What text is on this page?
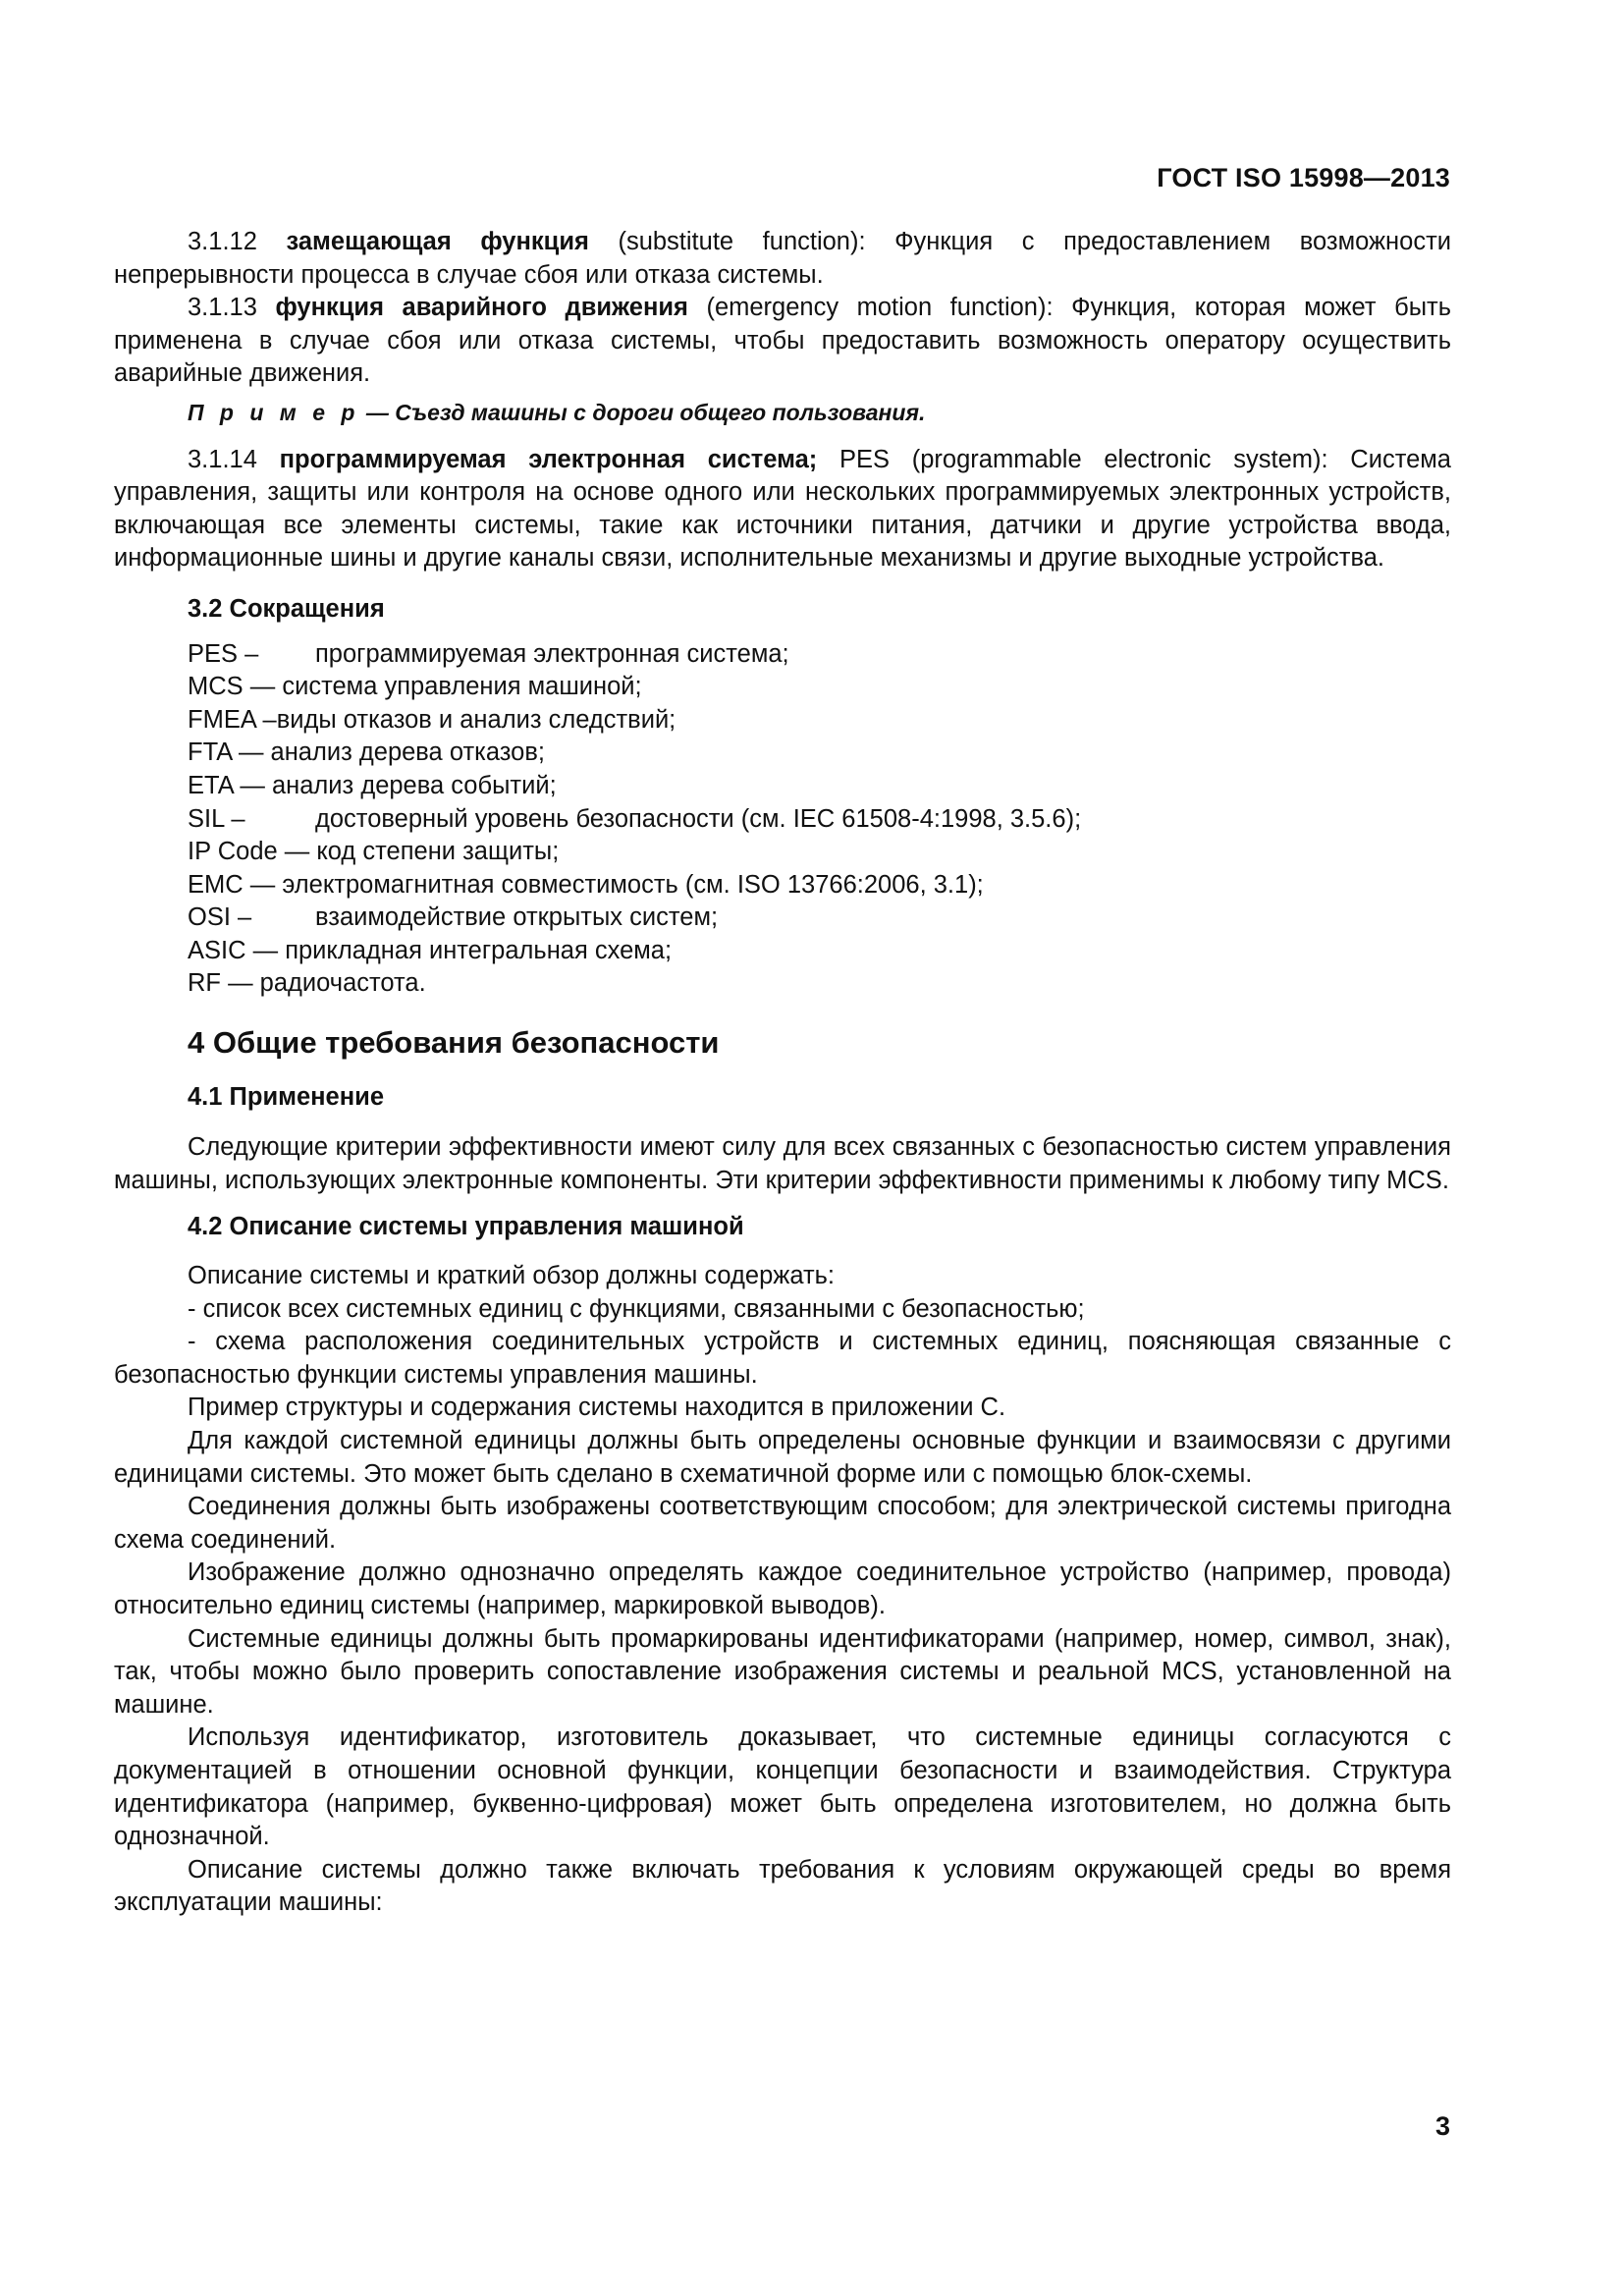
ГОСТ ISO 15998—2013

3.1.12 замещающая функция (substitute function): Функция с предоставлением возможности непрерывности процесса в случае сбоя или отказа системы.

3.1.13 функция аварийного движения (emergency motion function): Функция, которая может быть применена в случае сбоя или отказа системы, чтобы предоставить возможность оператору осуществить аварийные движения.

П р и м е р — Съезд машины с дороги общего пользования.

3.1.14 программируемая электронная система; PES (programmable electronic system): Система управления, защиты или контроля на основе одного или нескольких программируемых электронных устройств, включающая все элементы системы, такие как источники питания, датчики и другие устройства ввода, информационные шины и другие каналы связи, исполнительные механизмы и другие выходные устройства.

3.2 Сокращения
PES –	программируемая электронная система;
MCS — система управления машиной;
FMEA – виды отказов и анализ следствий;
FTA — анализ дерева отказов;
ETA — анализ дерева событий;
SIL –	достоверный уровень безопасности (см. IEC 61508-4:1998, 3.5.6);
IP Code — код степени защиты;
EMC — электромагнитная совместимость (см. ISO 13766:2006, 3.1);
OSI –	взаимодействие открытых систем;
ASIC — прикладная интегральная схема;
RF — радиочастота.
4 Общие требования безопасности
4.1 Применение

Следующие критерии эффективности имеют силу для всех связанных с безопасностью систем управления машины, использующих электронные компоненты. Эти критерии эффективности применимы к любому типу MCS.

4.2 Описание системы управления машиной

Описание системы и краткий обзор должны содержать:

- список всех системных единиц с функциями, связанными с безопасностью;

- схема расположения соединительных устройств и системных единиц, поясняющая связанные с безопасностью функции системы управления машины.

Пример структуры и содержания системы находится в приложении С.

Для каждой системной единицы должны быть определены основные функции и взаимосвязи с другими единицами системы. Это может быть сделано в схематичной форме или с помощью блок-схемы.

Соединения должны быть изображены соответствующим способом; для электрической системы пригодна схема соединений.

Изображение должно однозначно определять каждое соединительное устройство (например, провода) относительно единиц системы (например, маркировкой выводов).

Системные единицы должны быть промаркированы идентификаторами (например, номер, символ, знак), так, чтобы можно было проверить сопоставление изображения системы и реальной MCS, установленной на машине.

Используя идентификатор, изготовитель доказывает, что системные единицы согласуются с документацией в отношении основной функции, концепции безопасности и взаимодействия. Структура идентификатора (например, буквенно-цифровая) может быть определена изготовителем, но должна быть однозначной.

Описание системы должно также включать требования к условиям окружающей среды во время эксплуатации машины:

3
